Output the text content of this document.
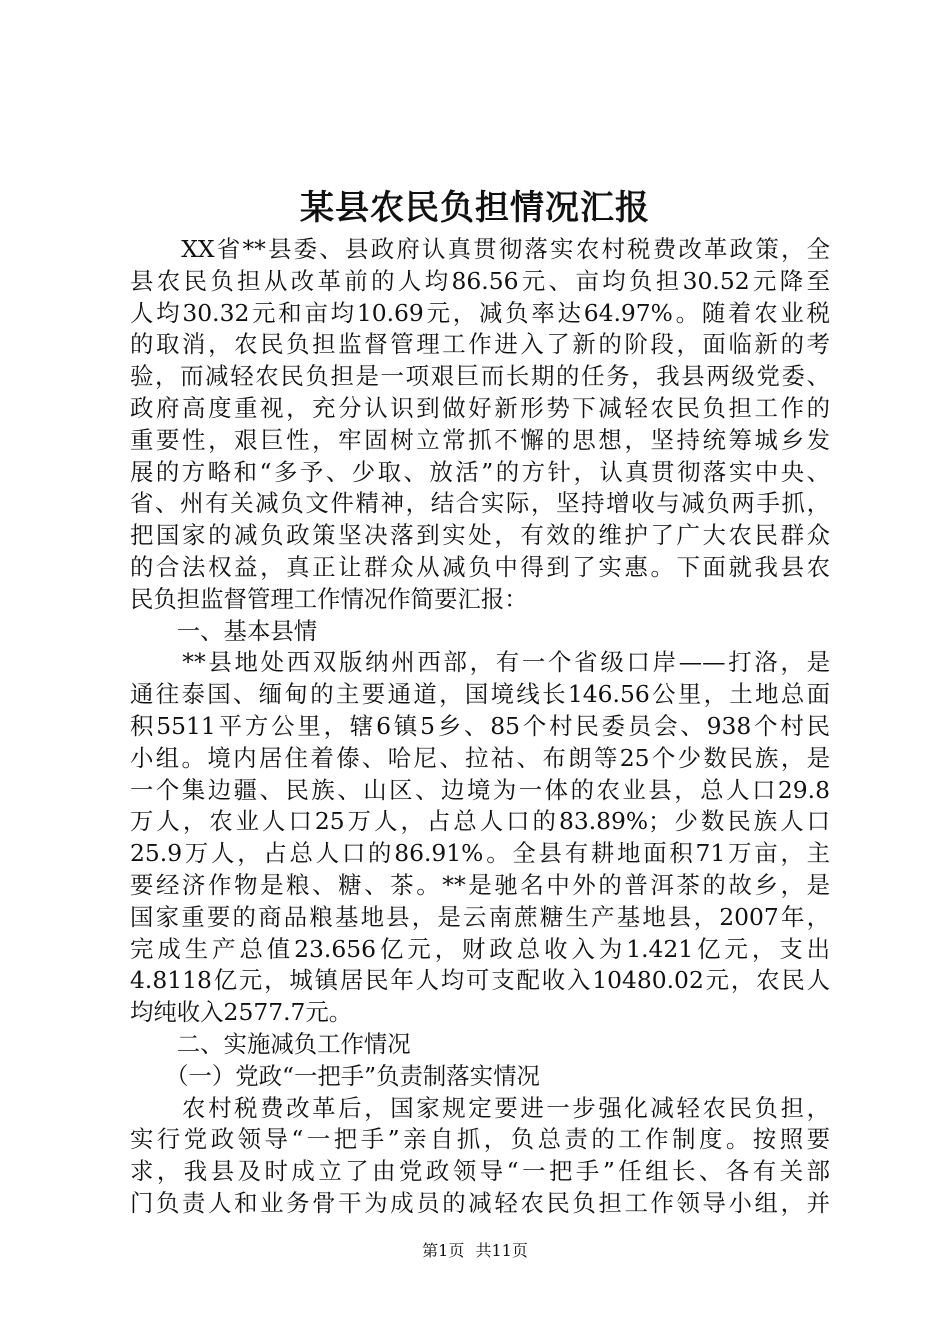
某县农民负担情况汇报
　　XX省**县委、县政府认真贯彻落实农村税费改革政策，全
县农民负担从改革前的人均86.56元、亩均负担30.52元降至
人均30.32元和亩均10.69元，减负率达64.97%。随着农业税
的取消，农民负担监督管理工作进入了新的阶段，面临新的考
验，而减轻农民负担是一项艰巨而长期的任务，我县两级党委、
政府高度重视，充分认识到做好新形势下减轻农民负担工作的
重要性，艰巨性，牢固树立常抓不懈的思想，坚持统筹城乡发
展的方略和“多予、少取、放活”的方针，认真贯彻落实中央、
省、州有关减负文件精神，结合实际，坚持增收与减负两手抓，
把国家的减负政策坚决落到实处，有效的维护了广大农民群众
的合法权益，真正让群众从减负中得到了实惠。下面就我县农
民负担监督管理工作情况作简要汇报：
　　一、基本县情
　　**县地处西双版纳州西部，有一个省级口岸——打洛，是
通往泰国、缅甸的主要通道，国境线长146.56公里，土地总面
积5511平方公里，辖6镇5乡、85个村民委员会、938个村民
小组。境内居住着傣、哈尼、拉祜、布朗等25个少数民族，是
一个集边疆、民族、山区、边境为一体的农业县，总人口29.8
万人，农业人口25万人，占总人口的83.89%；少数民族人口
25.9万人，占总人口的86.91%。全县有耕地面积71万亩，主
要经济作物是粮、糖、茶。**是驰名中外的普洱茶的故乡，是
国家重要的商品粮基地县，是云南蔗糖生产基地县，2007年，
完成生产总值23.656亿元，财政总收入为1.421亿元，支出
4.8118亿元，城镇居民年人均可支配收入10480.02元，农民人
均纯收入2577.7元。
　　二、实施减负工作情况
　　（一）党政“一把手”负责制落实情况
　　农村税费改革后，国家规定要进一步强化减轻农民负担，
实行党政领导“一把手”亲自抓，负总责的工作制度。按照要
求，我县及时成立了由党政领导“一把手”任组长、各有关部
门负责人和业务骨干为成员的减轻农民负担工作领导小组，并
第1页 共11页
